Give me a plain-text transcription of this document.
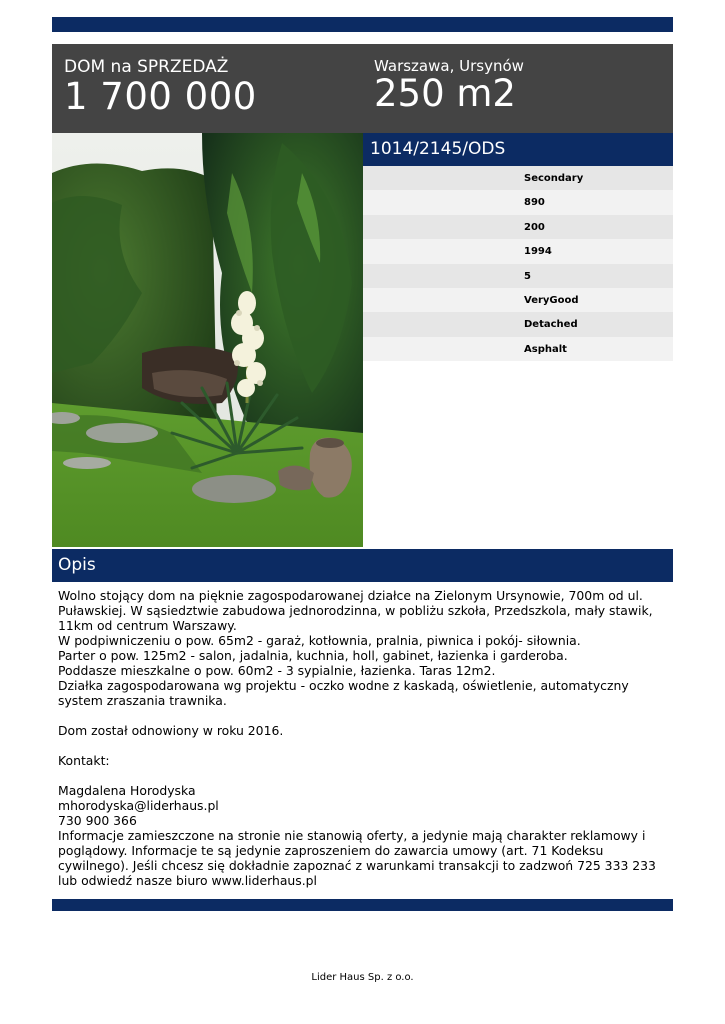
DOM na SPRZEDAŻ
1 700 000
Warszawa, Ursynów
250 m2
1014/2145/ODS
Secondary
890
200
1994
5
VeryGood
Detached
Asphalt
Opis

Wolno stojący dom na pięknie zagospodarowanej działce na Zielonym Ursynowie, 700m od ul.

Puławskiej. W sąsiedztwie zabudowa jednorodzinna, w pobliżu szkoła, Przedszkola, mały stawik,

11km od centrum Warszawy.

W podpiwniczeniu o pow. 65m2 - garaż, kotłownia, pralnia, piwnica i pokój- siłownia.

Parter o pow. 125m2 - salon, jadalnia, kuchnia, holl, gabinet, łazienka i garderoba.

Poddasze mieszkalne o pow. 60m2 - 3 sypialnie, łazienka. Taras 12m2.

Działka zagospodarowana wg projektu - oczko wodne z kaskadą, oświetlenie, automatyczny

system zraszania trawnika.

Dom został odnowiony w roku 2016.

Kontakt:

Magdalena Horodyska

mhorodyska@liderhaus.pl

730 900 366

Informacje zamieszczone na stronie nie stanowią oferty, a jedynie mają charakter reklamowy i

poglądowy. Informacje te są jedynie zaproszeniem do zawarcia umowy (art. 71 Kodeksu

cywilnego). Jeśli chcesz się dokładnie zapoznać z warunkami transakcji to zadzwoń 725 333 233

lub odwiedź nasze biuro www.liderhaus.pl

Lider Haus Sp. z o.o.
